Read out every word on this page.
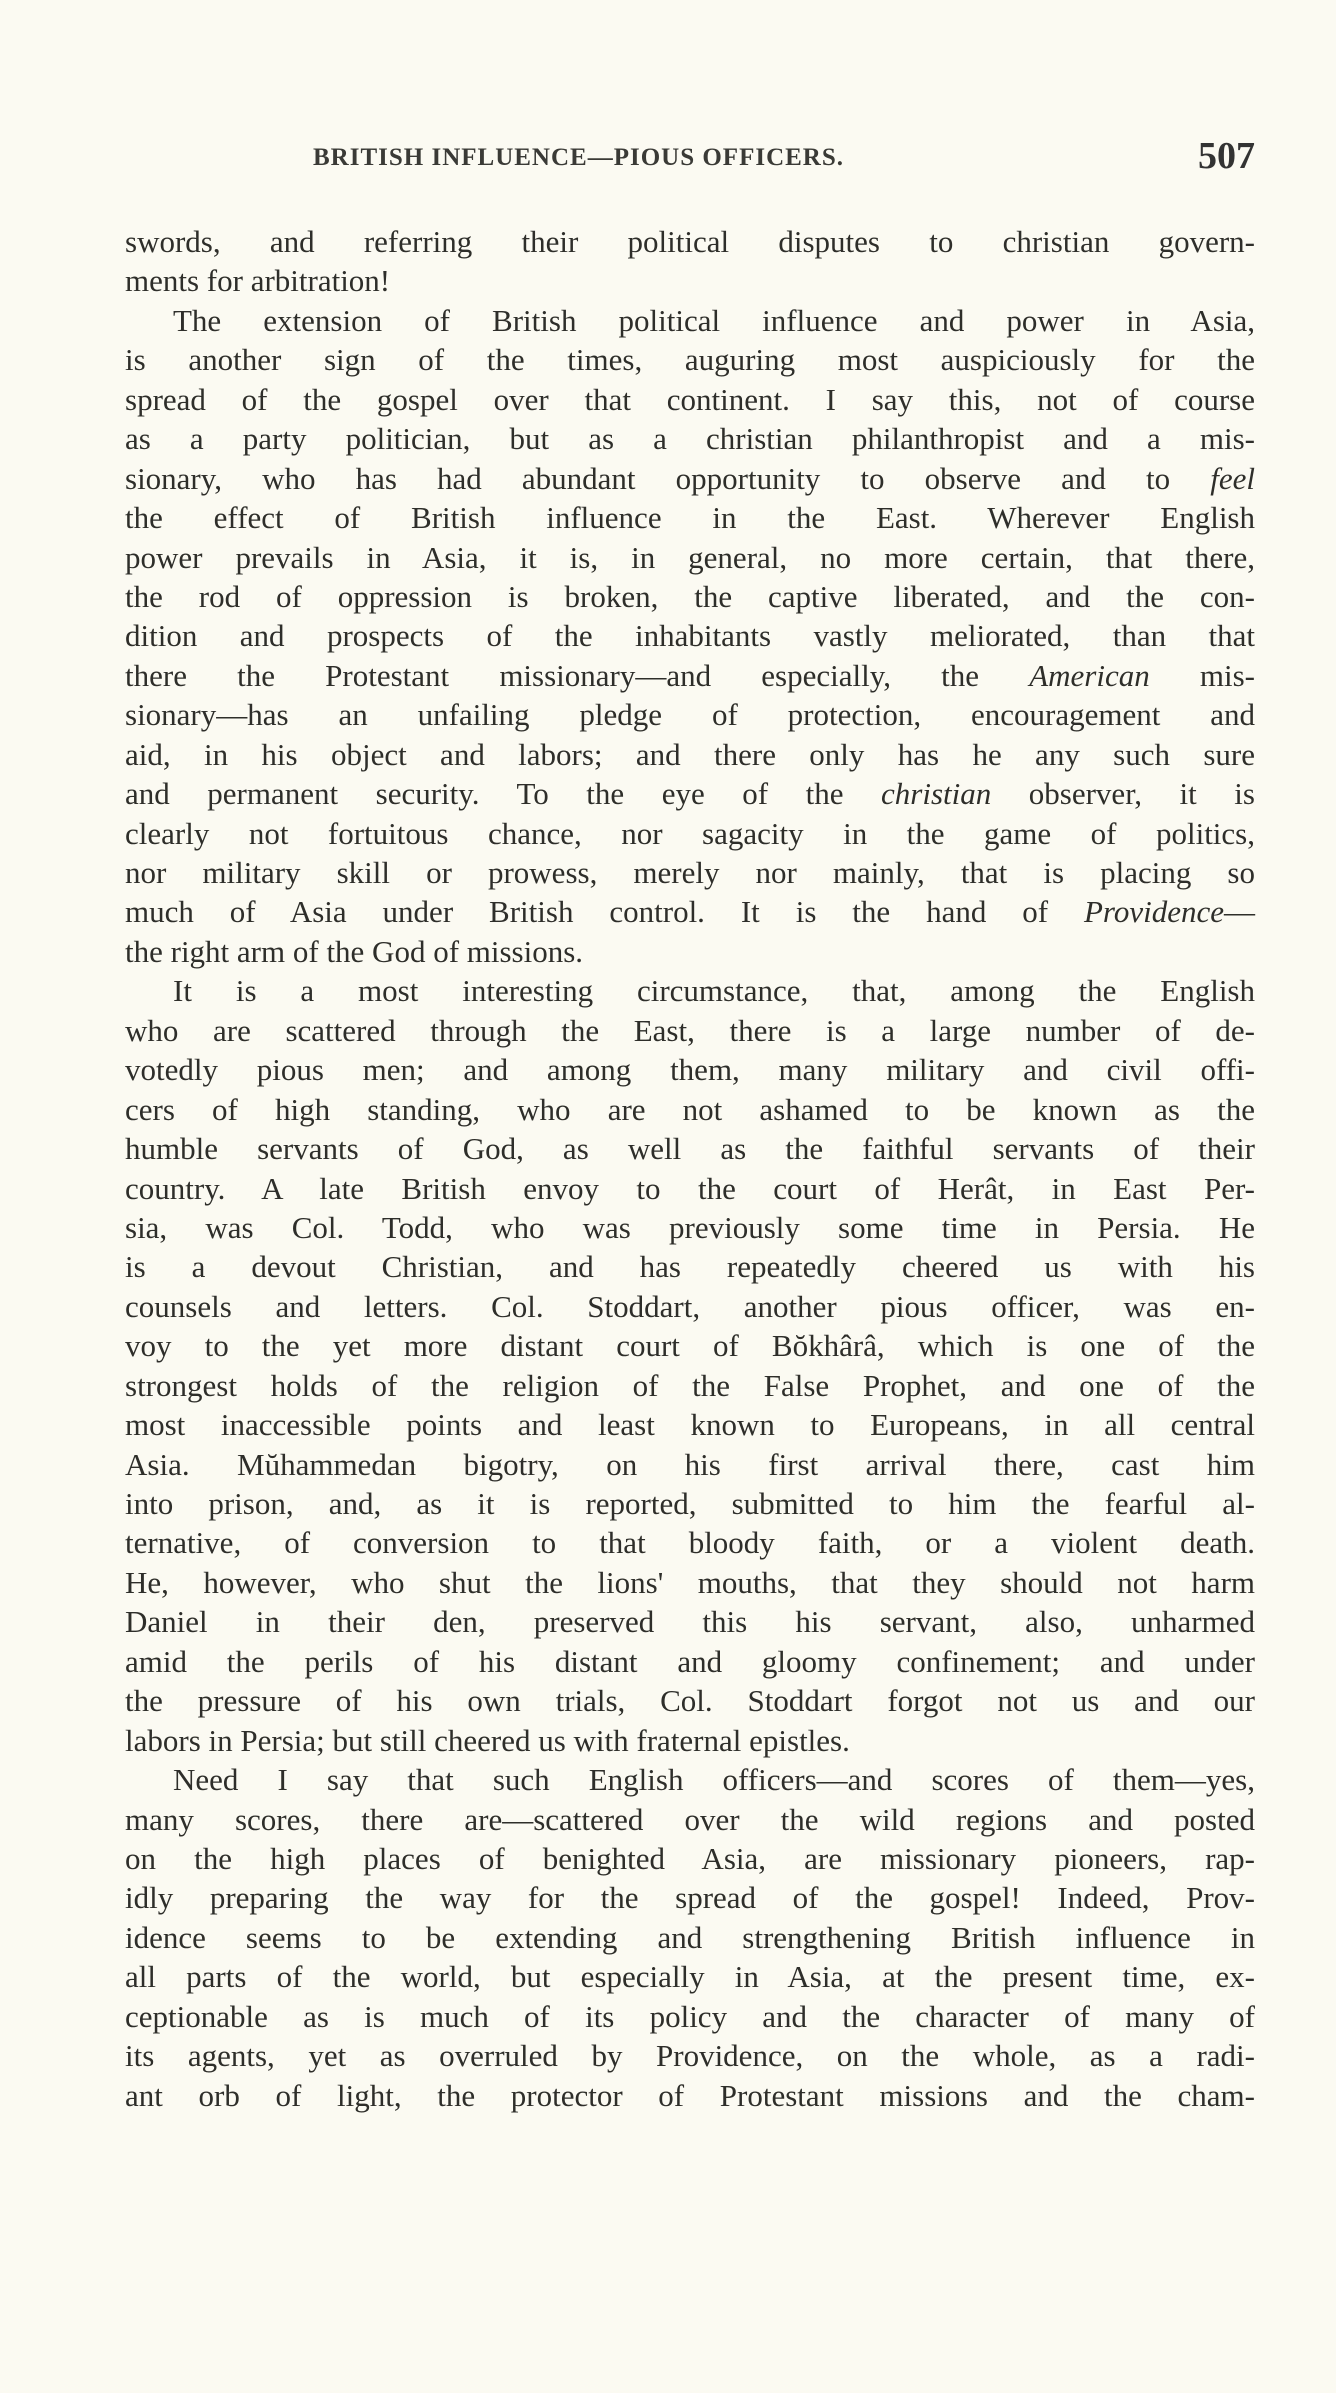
BRITISH INFLUENCE—PIOUS OFFICERS.	507
swords, and referring their political disputes to christian govern-
ments for arbitration!
The extension of British political influence and power in Asia,
is another sign of the times, auguring most auspiciously for the
spread of the gospel over that continent. I say this, not of course
as a party politician, but as a christian philanthropist and a mis-
sionary, who has had abundant opportunity to observe and to feel
the effect of British influence in the East. Wherever English
power prevails in Asia, it is, in general, no more certain, that there,
the rod of oppression is broken, the captive liberated, and the con-
dition and prospects of the inhabitants vastly meliorated, than that
there the Protestant missionary—and especially, the American mis-
sionary—has an unfailing pledge of protection, encouragement and
aid, in his object and labors; and there only has he any such sure
and permanent security. To the eye of the christian observer, it is
clearly not fortuitous chance, nor sagacity in the game of politics,
nor military skill or prowess, merely nor mainly, that is placing so
much of Asia under British control. It is the hand of Providence—
the right arm of the God of missions.
It is a most interesting circumstance, that, among the English
who are scattered through the East, there is a large number of de-
votedly pious men; and among them, many military and civil offi-
cers of high standing, who are not ashamed to be known as the
humble servants of God, as well as the faithful servants of their
country. A late British envoy to the court of Herât, in East Per-
sia, was Col. Todd, who was previously some time in Persia. He
is a devout Christian, and has repeatedly cheered us with his
counsels and letters. Col. Stoddart, another pious officer, was en-
voy to the yet more distant court of Bŏkhârâ, which is one of the
strongest holds of the religion of the False Prophet, and one of the
most inaccessible points and least known to Europeans, in all central
Asia. Mŭhammedan bigotry, on his first arrival there, cast him
into prison, and, as it is reported, submitted to him the fearful al-
ternative, of conversion to that bloody faith, or a violent death.
He, however, who shut the lions' mouths, that they should not harm
Daniel in their den, preserved this his servant, also, unharmed
amid the perils of his distant and gloomy confinement; and under
the pressure of his own trials, Col. Stoddart forgot not us and our
labors in Persia; but still cheered us with fraternal epistles.
Need I say that such English officers—and scores of them—yes,
many scores, there are—scattered over the wild regions and posted
on the high places of benighted Asia, are missionary pioneers, rap-
idly preparing the way for the spread of the gospel! Indeed, Prov-
idence seems to be extending and strengthening British influence in
all parts of the world, but especially in Asia, at the present time, ex-
ceptionable as is much of its policy and the character of many of
its agents, yet as overruled by Providence, on the whole, as a radi-
ant orb of light, the protector of Protestant missions and the cham-
